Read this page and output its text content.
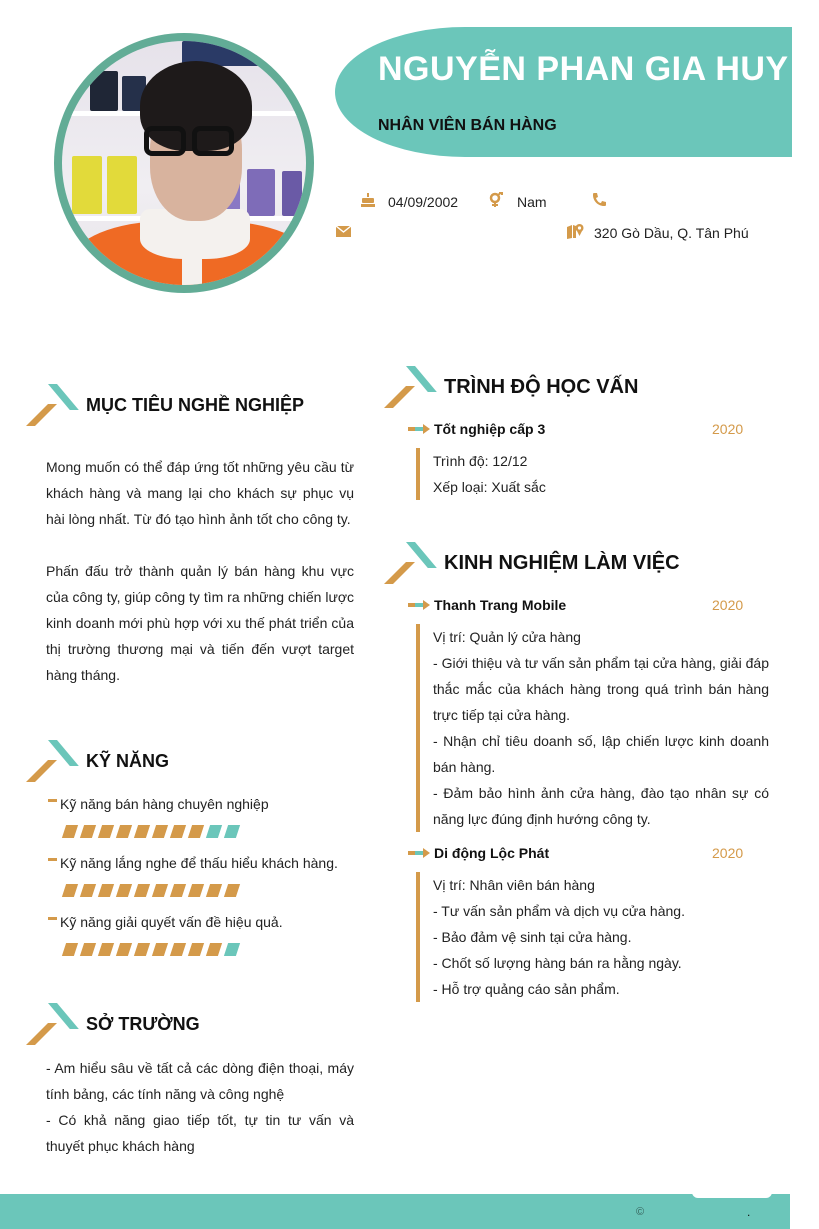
NGUYỄN PHAN GIA HUY
NHÂN VIÊN BÁN HÀNG
04/09/2002	Nam
320 Gò Dầu, Q. Tân Phú
MỤC TIÊU NGHỀ NGHIỆP
Mong muốn có thể đáp ứng tốt những yêu cầu từ khách hàng và mang lại cho khách sự phục vụ hài lòng nhất. Từ đó tạo hình ảnh tốt cho công ty.
Phấn đấu trở thành quản lý bán hàng khu vực của công ty, giúp công ty tìm ra những chiến lược kinh doanh mới phù hợp với xu thế phát triển của thị trường thương mại và tiến đến vượt target hàng tháng.
KỸ NĂNG
Kỹ năng bán hàng chuyên nghiệp
Kỹ năng lắng nghe để thấu hiểu khách hàng.
Kỹ năng giải quyết vấn đề hiệu quả.
SỞ TRƯỜNG
- Am hiểu sâu về tất cả các dòng điện thoại, máy tính bảng, các tính năng và công nghệ
- Có khả năng giao tiếp tốt, tự tin tư vấn và thuyết phục khách hàng
TRÌNH ĐỘ HỌC VẤN
Tốt nghiệp cấp 3	2020
Trình độ: 12/12
Xếp loại: Xuất sắc
KINH NGHIỆM LÀM VIỆC
Thanh Trang Mobile	2020
Vị trí: Quản lý cửa hàng
- Giới thiệu và tư vấn sản phẩm tại cửa hàng, giải đáp thắc mắc của khách hàng trong quá trình bán hàng trực tiếp tại cửa hàng.
- Nhận chỉ tiêu doanh số, lập chiến lược kinh doanh bán hàng.
- Đảm bảo hình ảnh cửa hàng, đào tạo nhân sự có năng lực đúng định hướng công ty.
Di động Lộc Phát	2020
Vị trí: Nhân viên bán hàng
- Tư vấn sản phẩm và dịch vụ cửa hàng.
- Bảo đảm vệ sinh tại cửa hàng.
- Chốt số lượng hàng bán ra hằng ngày.
- Hỗ trợ quảng cáo sản phẩm.
©	.
